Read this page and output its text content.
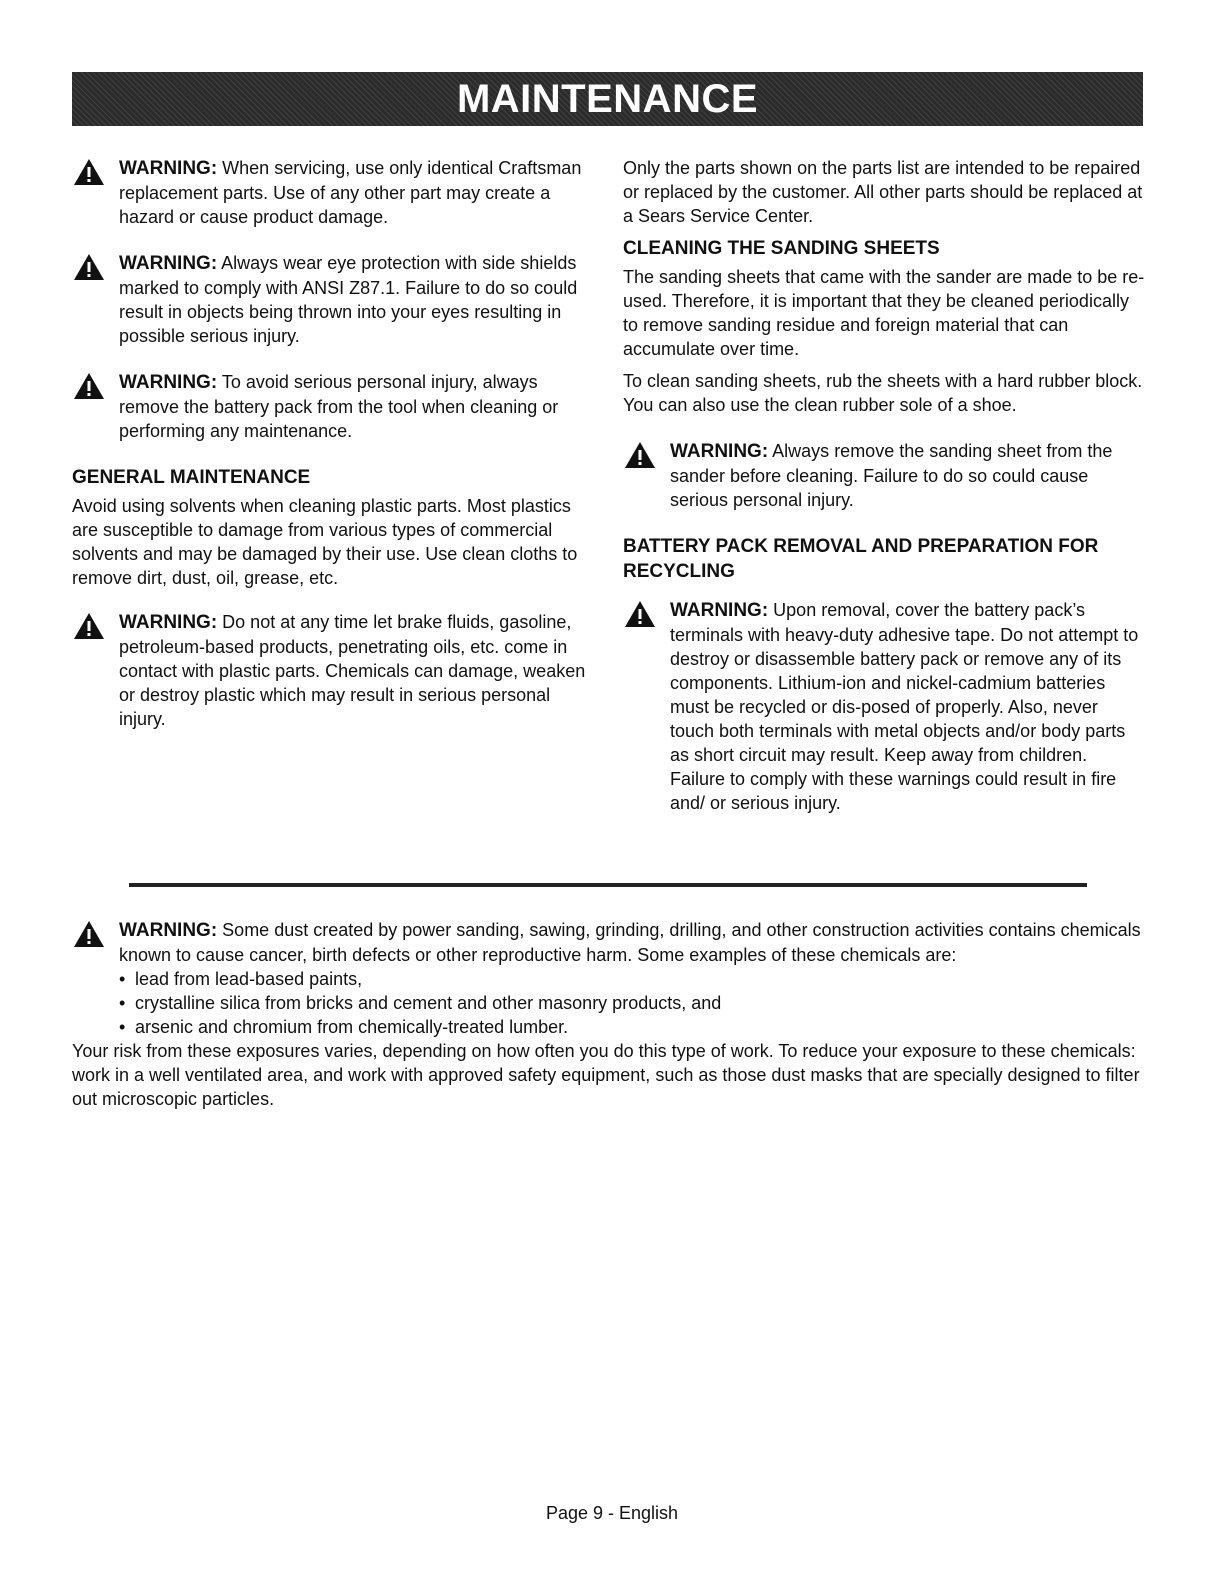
MAINTENANCE
WARNING: When servicing, use only identical Craftsman replacement parts. Use of any other part may create a hazard or cause product damage.
WARNING: Always wear eye protection with side shields marked to comply with ANSI Z87.1. Failure to do so could result in objects being thrown into your eyes resulting in possible serious injury.
WARNING: To avoid serious personal injury, always remove the battery pack from the tool when cleaning or performing any maintenance.
GENERAL MAINTENANCE

Avoid using solvents when cleaning plastic parts. Most plastics are susceptible to damage from various types of commercial solvents and may be damaged by their use. Use clean cloths to remove dirt, dust, oil, grease, etc.

WARNING: Do not at any time let brake fluids, gasoline, petroleum-based products, penetrating oils, etc. come in contact with plastic parts. Chemicals can damage, weaken or destroy plastic which may result in serious personal injury.

Only the parts shown on the parts list are intended to be repaired or replaced by the customer. All other parts should be replaced at a Sears Service Center.

CLEANING THE SANDING SHEETS

The sanding sheets that came with the sander are made to be re-used. Therefore, it is important that they be cleaned periodically to remove sanding residue and foreign material that can accumulate over time.

To clean sanding sheets, rub the sheets with a hard rubber block. You can also use the clean rubber sole of a shoe.

WARNING: Always remove the sanding sheet from the sander before cleaning. Failure to do so could cause serious personal injury.
BATTERY PACK REMOVAL AND PREPARATION FOR RECYCLING
WARNING: Upon removal, cover the battery pack’s terminals with heavy-duty adhesive tape. Do not attempt to destroy or disassemble battery pack or remove any of its components. Lithium-ion and nickel-cadmium batteries must be recycled or dis-posed of properly. Also, never touch both terminals with metal objects and/or body parts as short circuit may result. Keep away from children. Failure to comply with these warnings could result in fire and/ or serious injury.
WARNING: Some dust created by power sanding, sawing, grinding, drilling, and other construction activities contains chemicals known to cause cancer, birth defects or other reproductive harm. Some examples of these chemicals are:
• lead from lead-based paints,
• crystalline silica from bricks and cement and other masonry products, and
• arsenic and chromium from chemically-treated lumber.

Your risk from these exposures varies, depending on how often you do this type of work. To reduce your exposure to these chemicals: work in a well ventilated area, and work with approved safety equipment, such as those dust masks that are specially designed to filter out microscopic particles.

Page 9 - English
